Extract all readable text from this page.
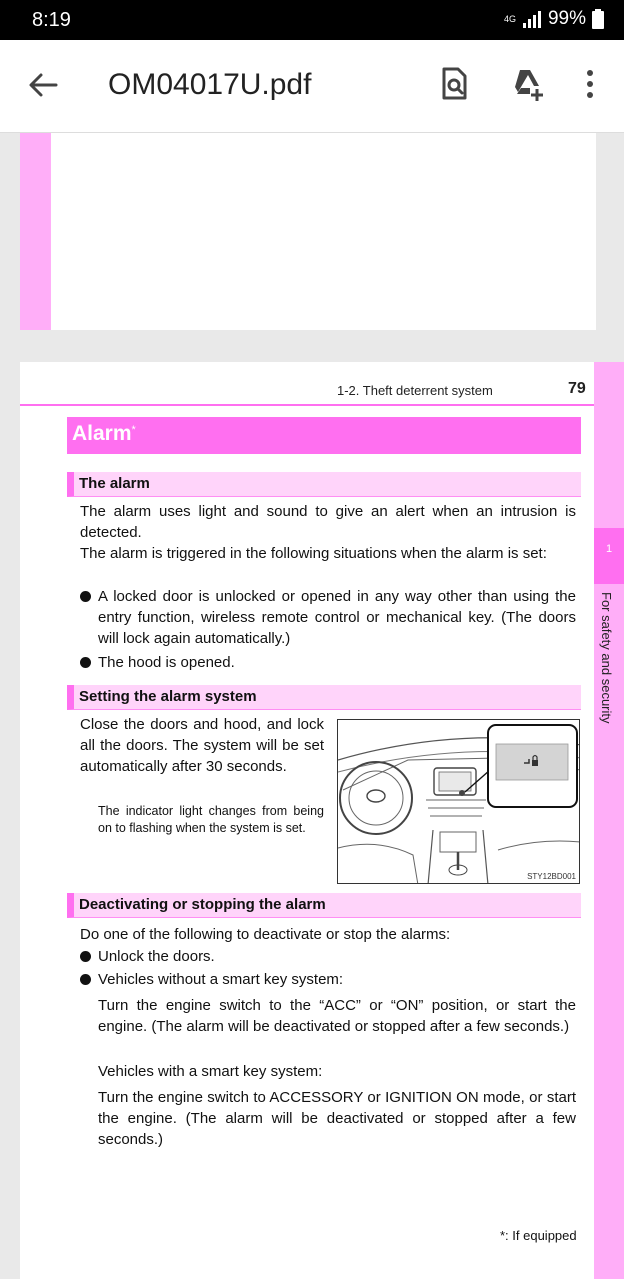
8:19	4G 99%
OM04017U.pdf
1
For safety and security
1-2. Theft deterrent system	79
Alarm*
The alarm
The alarm uses light and sound to give an alert when an intrusion is detected.
The alarm is triggered in the following situations when the alarm is set:
A locked door is unlocked or opened in any way other than using the entry function, wireless remote control or mechanical key. (The doors will lock again automatically.)
The hood is opened.
Setting the alarm system
Close the doors and hood, and lock all the doors. The system will be set automatically after 30 seconds.
The indicator light changes from being on to flashing when the system is set.
STY12BD001
Deactivating or stopping the alarm
Do one of the following to deactivate or stop the alarms:
Unlock the doors.
Vehicles without a smart key system:
Turn the engine switch to the “ACC” or “ON” position, or start the engine. (The alarm will be deactivated or stopped after a few seconds.)
Vehicles with a smart key system:
Turn the engine switch to ACCESSORY or IGNITION ON mode, or start the engine. (The alarm will be deactivated or stopped after a few seconds.)
*: If equipped
